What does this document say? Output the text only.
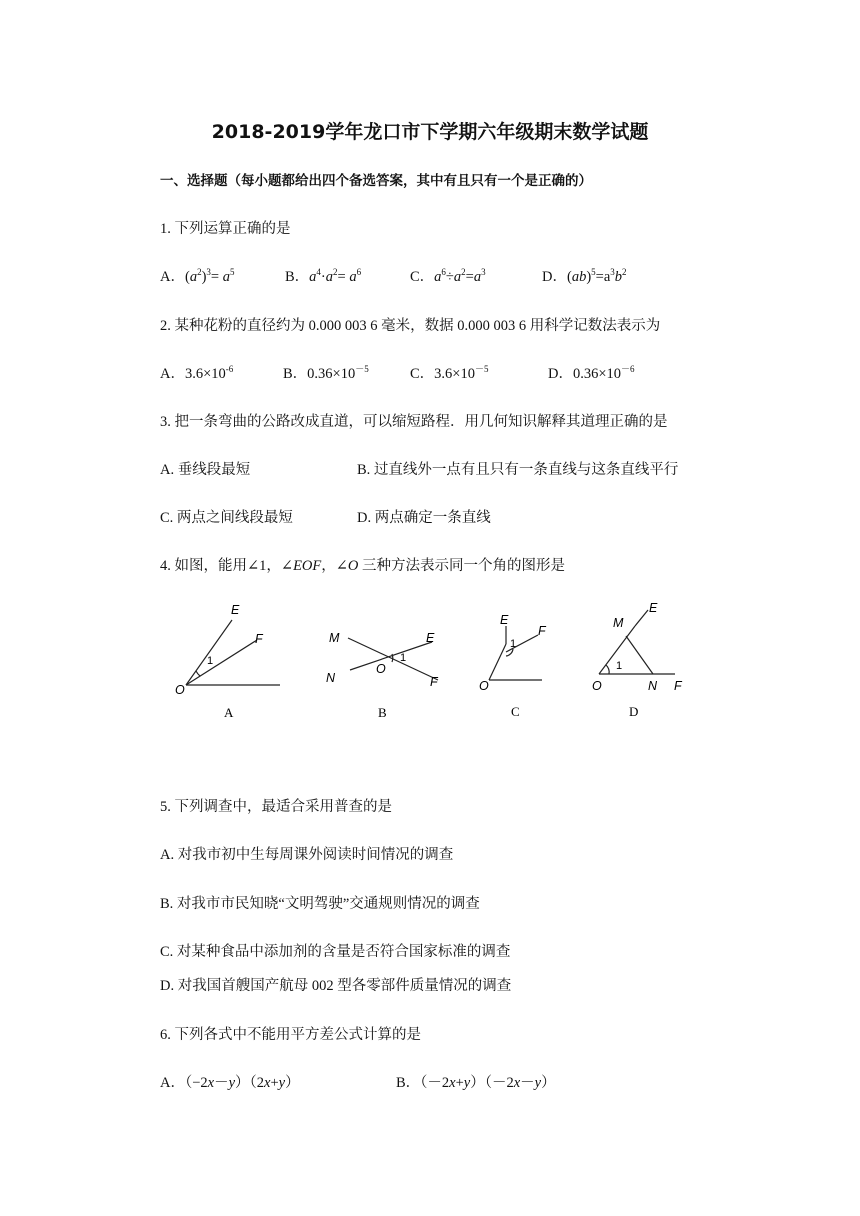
2018-2019学年龙口市下学期六年级期末数学试题
一、选择题（每小题都给出四个备选答案，其中有且只有一个是正确的）
1. 下列运算正确的是
A．$(a^2)^3= a^5$	B．$a^4\cdot a^2= a^6$	C．$a^6\div a^2=a^3$	D．$(ab)^5=a^3b^2$
2. 某种花粉的直径约为 0.000 003 6 毫米，数据 0.000 003 6 用科学记数法表示为
A．$3.6\times 10^{-6}$	B．$0.36\times 10^{-5}$	C．$3.6\times 10^{-5}$	D．$0.36\times 10^{-6}$
3. 把一条弯曲的公路改成直道，可以缩短路程．用几何知识解释其道理正确的是
A. 垂线段最短	B. 过直线外一点有且只有一条直线与这条直线平行
C. 两点之间线段最短	D. 两点确定一条直线
4. 如图，能用∠1，∠EOF，∠O 三种方法表示同一个角的图形是
E
F
O
1
A
M	E
N	F
O
1
B
E
F
O
1
C
M
E
O	N F
1
D
5. 下列调查中，最适合采用普查的是
A. 对我市初中生每周课外阅读时间情况的调查
B. 对我市市民知晓“文明驾驶”交通规则情况的调查
C. 对某种食品中添加剂的含量是否符合国家标准的调查
D. 对我国首艘国产航母 002 型各零部件质量情况的调查
6. 下列各式中不能用平方差公式计算的是
A．（−2x－y）（2x+y）	B．（－2x+y）（－2x－y）
